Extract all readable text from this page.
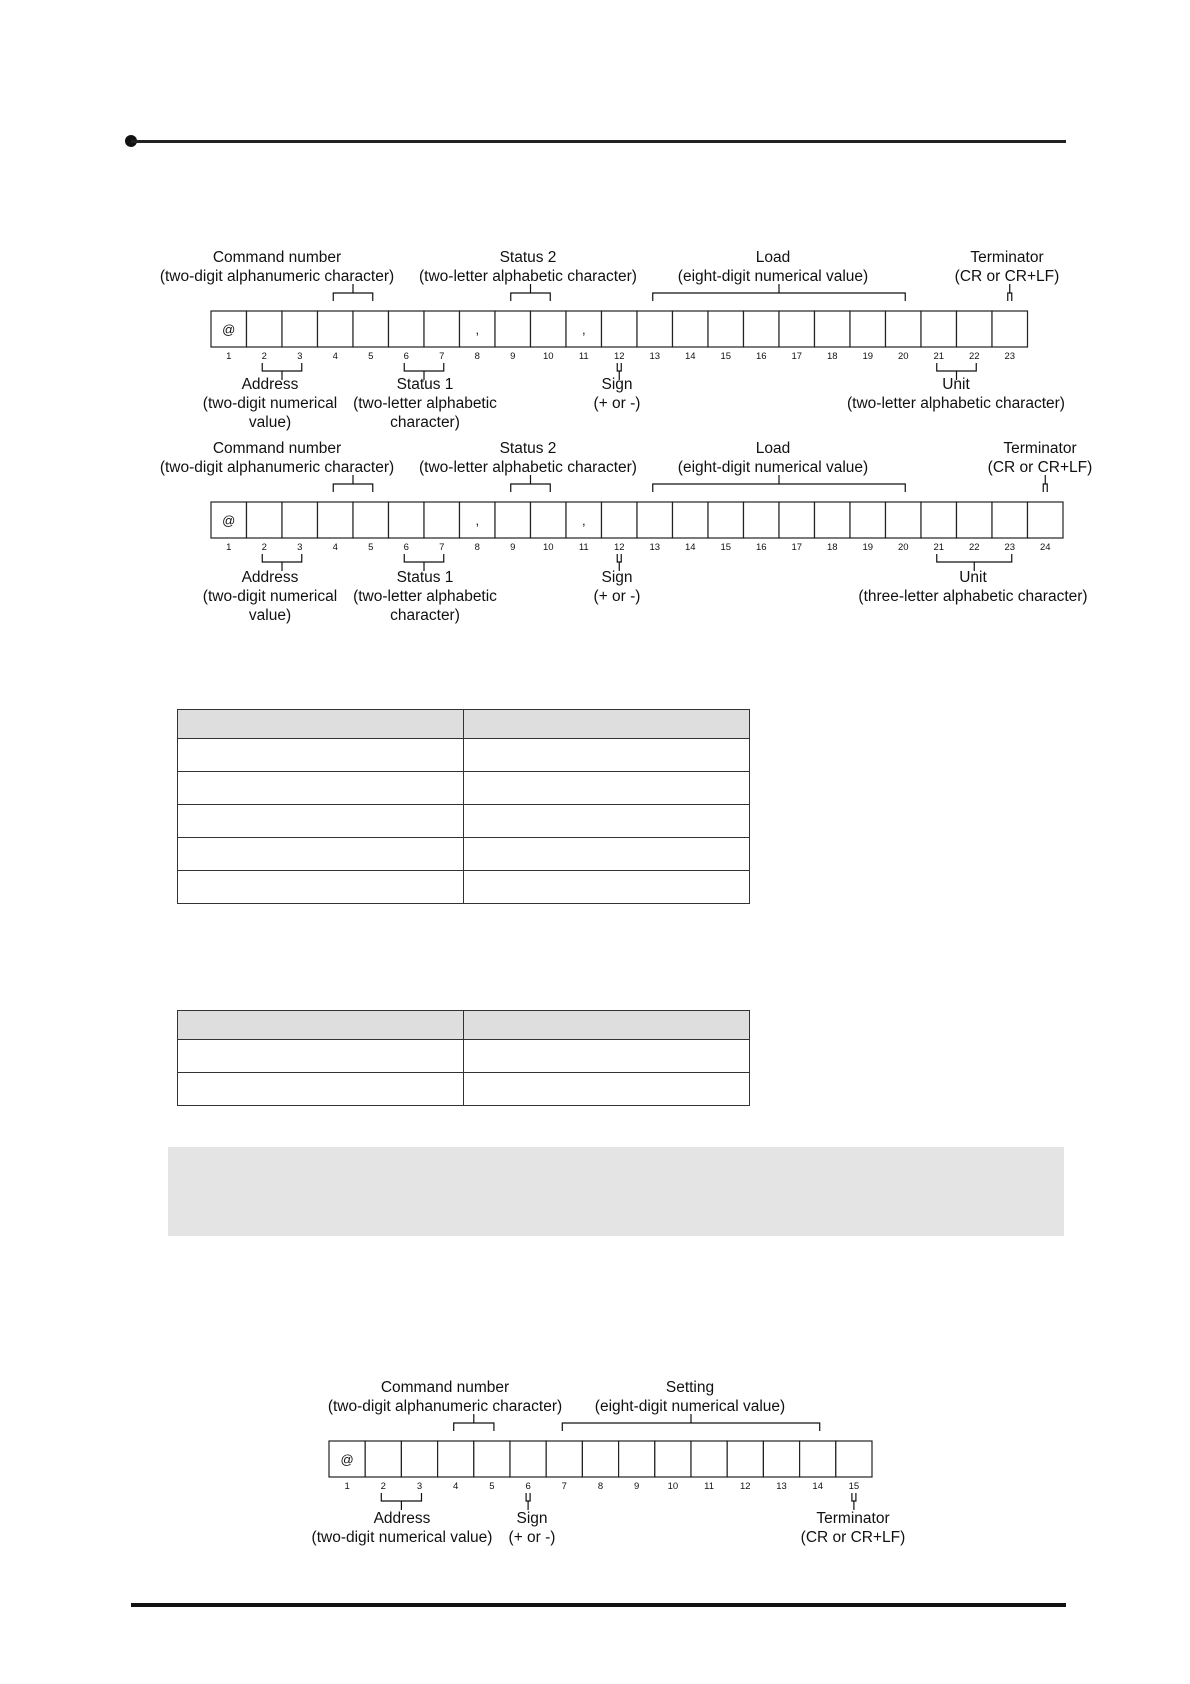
@
1	2	3	4	5	6	7
,
8	9	10
,
11	12	13	14	15	16	17	18	19	20	21	22	23
Command number
(two-digit alphanumeric character)
Status 2
(two-letter alphabetic character)
Load
(eight-digit numerical value)
Terminator
(CR or CR+LF)
Address
(two-digit numerical
value)
Status 1
(two-letter alphabetic
character)
Sign
(+ or -)
Unit
(two-letter alphabetic character)
@
1	2	3	4	5	6	7
,
8	9	10
,
11	12	13	14	15	16	17	18	19	20	21	22	23	24
Command number
(two-digit alphanumeric character)
Status 2
(two-letter alphabetic character)
Load
(eight-digit numerical value)
Terminator
(CR or CR+LF)
Address
(two-digit numerical
value)
Status 1
(two-letter alphabetic
character)
Sign
(+ or -)
Unit
(three-letter alphabetic character)

@
1	2	3	4	5	6	7	8	9	10	11	12	13	14	15
Command number
(two-digit alphanumeric character)
Setting
(eight-digit numerical value)
Address
(two-digit numerical value)
Sign
(+ or -)
Terminator
(CR or CR+LF)
